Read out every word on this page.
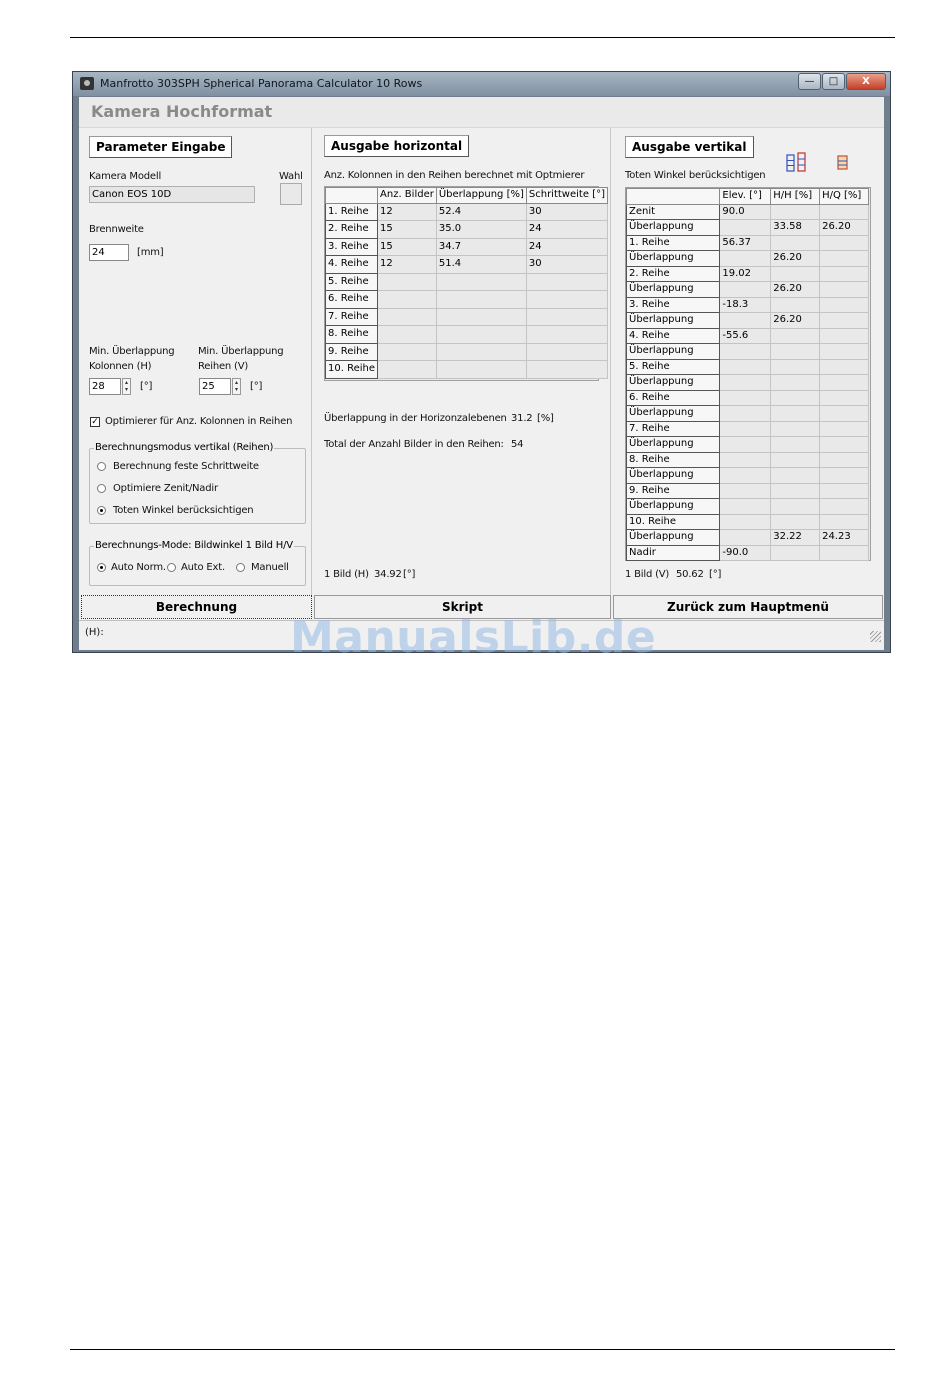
Manfrotto 303SPH Spherical Panorama Calculator 10 Rows	—	□	X
Kamera Hochformat
Parameter Eingabe
Kamera Modell	Wahl
Canon EOS 10D
Brennweite
24	[mm]
Min. Überlappung
Kolonnen (H)
28	▴
▾	[°]
Min. Überlappung
Reihen (V)
25	▴
▾	[°]
✓ Optimierer für Anz. Kolonnen in Reihen
Berechnungsmodus vertikal (Reihen)
Berechnung feste Schrittweite
Optimiere Zenit/Nadir
Toten Winkel berücksichtigen
Berechnungs-Mode: Bildwinkel 1 Bild H/V
Auto Norm. Auto Ext.	Manuell
Ausgabe horizontal
Anz. Kolonnen in den Reihen berechnet mit Optmierer
	Anz. Bilder	Überlappung [%]	Schrittweite [°]
1. Reihe	12	52.4	30
2. Reihe	15	35.0	24
3. Reihe	15	34.7	24
4. Reihe	12	51.4	30
5. Reihe			
6. Reihe			
7. Reihe			
8. Reihe			
9. Reihe			
10. Reihe			
Überlappung in der Horizonzalebenen 31.2 [%]
Total der Anzahl Bilder in den Reihen: 54
1 Bild (H) 34.92 [°]
Ausgabe vertikal
Toten Winkel berücksichtigen
	Elev. [°]	H/H [%]	H/Q [%]
Zenit	90.0		
Überlappung		33.58	26.20
1. Reihe	56.37		
Überlappung		26.20	
2. Reihe	19.02		
Überlappung		26.20	
3. Reihe	-18.3		
Überlappung		26.20	
4. Reihe	-55.6		
Überlappung			
5. Reihe			
Überlappung			
6. Reihe			
Überlappung			
7. Reihe			
Überlappung			
8. Reihe			
Überlappung			
9. Reihe			
Überlappung			
10. Reihe			
Überlappung		32.22	24.23
Nadir	-90.0		
1 Bild (V) 50.62 [°]
Berechnung	Skript	Zurück zum Hauptmenü
(H):	ManualsLib.de
